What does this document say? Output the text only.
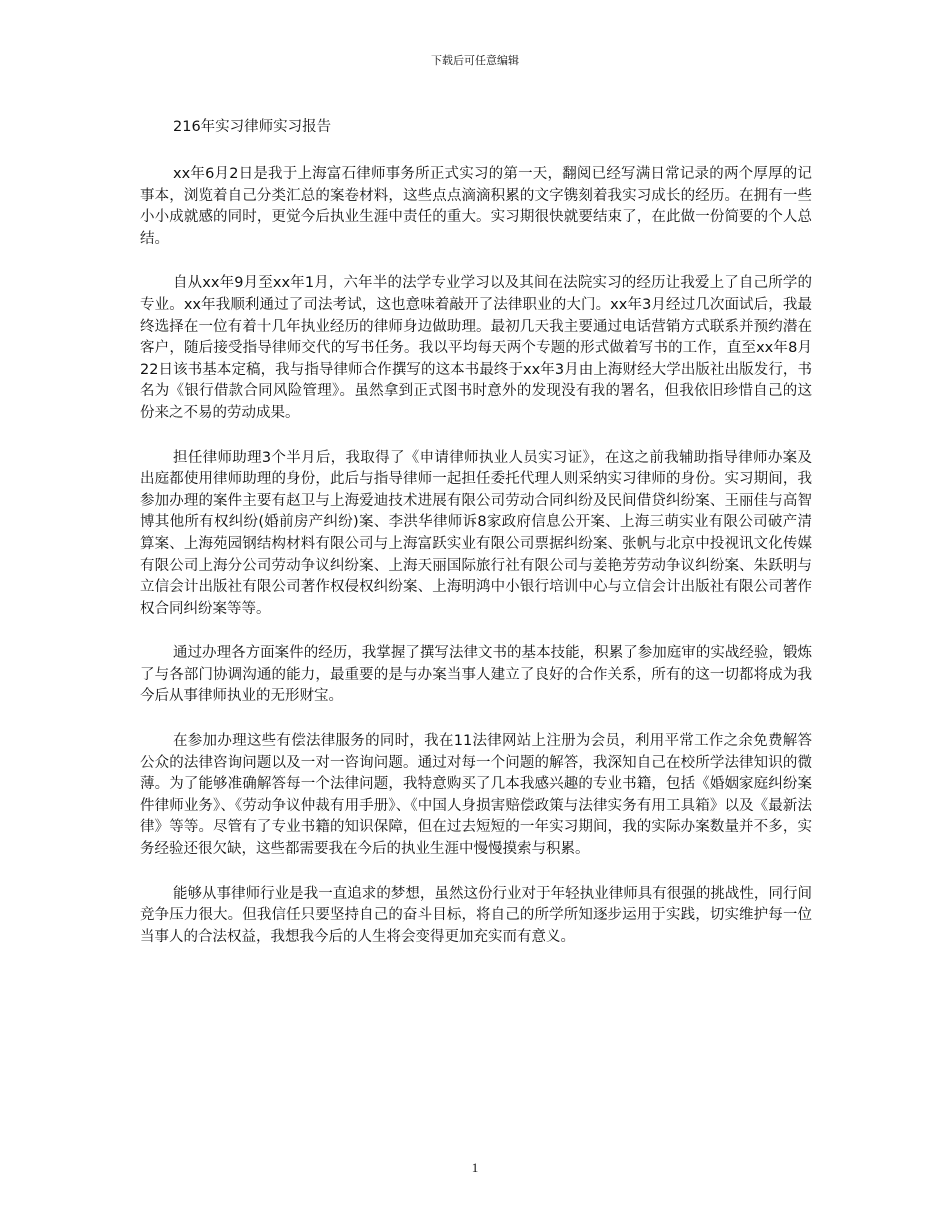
下载后可任意编辑

216年实习律师实习报告

xx年6月2日是我于上海富石律师事务所正式实习的第一天，翻阅已经写满日常记录的两个厚厚的记事本，浏览着自己分类汇总的案卷材料，这些点点滴滴积累的文字镌刻着我实习成长的经历。在拥有一些小小成就感的同时，更觉今后执业生涯中责任的重大。实习期很快就要结束了，在此做一份简要的个人总结。

自从xx年9月至xx年1月，六年半的法学专业学习以及其间在法院实习的经历让我爱上了自己所学的专业。xx年我顺利通过了司法考试，这也意味着敲开了法律职业的大门。xx年3月经过几次面试后，我最终选择在一位有着十几年执业经历的律师身边做助理。最初几天我主要通过电话营销方式联系并预约潜在客户，随后接受指导律师交代的写书任务。我以平均每天两个专题的形式做着写书的工作，直至xx年8月22日该书基本定稿，我与指导律师合作撰写的这本书最终于xx年3月由上海财经大学出版社出版发行，书名为《银行借款合同风险管理》。虽然拿到正式图书时意外的发现没有我的署名，但我依旧珍惜自己的这份来之不易的劳动成果。

担任律师助理3个半月后，我取得了《申请律师执业人员实习证》，在这之前我辅助指导律师办案及出庭都使用律师助理的身份，此后与指导律师一起担任委托代理人则采纳实习律师的身份。实习期间，我参加办理的案件主要有赵卫与上海爱迪技术进展有限公司劳动合同纠纷及民间借贷纠纷案、王丽佳与高智博其他所有权纠纷(婚前房产纠纷)案、李洪华律师诉8家政府信息公开案、上海三萌实业有限公司破产清算案、上海苑园钢结构材料有限公司与上海富跃实业有限公司票据纠纷案、张帆与北京中投视讯文化传媒有限公司上海分公司劳动争议纠纷案、上海天丽国际旅行社有限公司与姜艳芳劳动争议纠纷案、朱跃明与立信会计出版社有限公司著作权侵权纠纷案、上海明鸿中小银行培训中心与立信会计出版社有限公司著作权合同纠纷案等等。

通过办理各方面案件的经历，我掌握了撰写法律文书的基本技能，积累了参加庭审的实战经验，锻炼了与各部门协调沟通的能力，最重要的是与办案当事人建立了良好的合作关系，所有的这一切都将成为我今后从事律师执业的无形财宝。

在参加办理这些有偿法律服务的同时，我在11法律网站上注册为会员，利用平常工作之余免费解答公众的法律咨询问题以及一对一咨询问题。通过对每一个问题的解答，我深知自己在校所学法律知识的微薄。为了能够准确解答每一个法律问题，我特意购买了几本我感兴趣的专业书籍，包括《婚姻家庭纠纷案件律师业务》、《劳动争议仲裁有用手册》、《中国人身损害赔偿政策与法律实务有用工具箱》以及《最新法律》等等。尽管有了专业书籍的知识保障，但在过去短短的一年实习期间，我的实际办案数量并不多，实务经验还很欠缺，这些都需要我在今后的执业生涯中慢慢摸索与积累。

能够从事律师行业是我一直追求的梦想，虽然这份行业对于年轻执业律师具有很强的挑战性，同行间竞争压力很大。但我信任只要坚持自己的奋斗目标，将自己的所学所知逐步运用于实践，切实维护每一位当事人的合法权益，我想我今后的人生将会变得更加充实而有意义。

1
